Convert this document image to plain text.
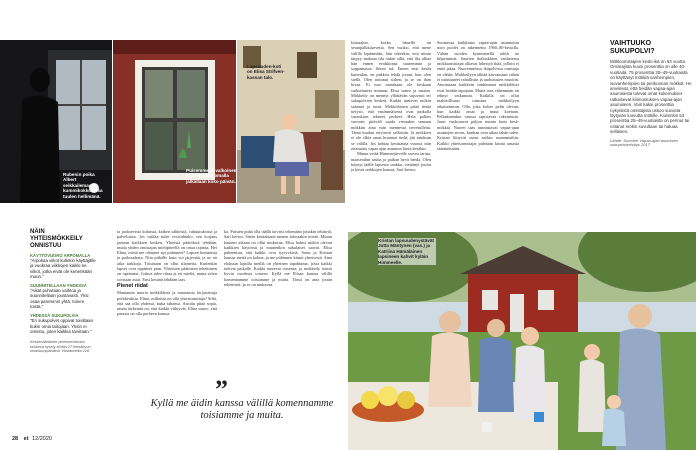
Rubenin poika Albert seikkailemassa kummikokkolassa tuulen hellimänä.
Puisemme ja valkoinen kivi-rapu ilta omalla jalkallaan koko päivän.
Lapsuuden-koti on Elisa Strifven-kassan talo.

loistaakin, koska hänellä on seurapalkkitarvetta. Sen vuoksi, että mene välillä lepäämään, hän tekeekin, että niinin tärpyy makaaa tila onkin sillä, että ilta alkaa hän ennen evokkiinsa suuremmin ja soppamassa. Sitten isä. Ennen ensi kesää kuitenkin, en pakkoa tehdä jotain, kun olen siellä. Olen tottunut siihen, ja se on ihan kivaa. Ei nuo muutkaan ole koskaan vaikuttaneet minuun, Elisa saneo ja nauraa. Mökkeily on mennyt yllättävän sujuvasti eri sukupolvien kesken. Kaikki tuntevat mökin säännöt ja tavat. Mökkiläisten pitää tietää tietysti, että ensimmäisenä ovat paikalla varauksen tehneet perheet. Hela pallais vuoroin, pitäväli saada vieraakin samaan mökkiin aina vain mennessä tervetulleita. Tämä kuuluu eriyisesti sellaisiin. Ja mökkien ei ole olkia omat hommat tiedä, jää niinkuin se välillä. Jos kehtaa kesäsauna vuoroa niin ottamatta vapaa ajan asunnon luota kesäkin.

Minua vetää Himmerjärvelle sarvea tarina, maaseudun rauha ja paikan hyvä henki. Olen käynyt täällä lapsesta saakka, viettänyt joulut ja kesät serkkujen kanssa, Sari kertoo.

Suomessa kaikkiaan vapaa-ajan asunnoista noin puolet on rakennettu 1960–80-luvuilla. Vähän vuoden kymmenellä tuhlii ne hilpeimmät. Suurten ikäluokkien vanhetessa mökkiomistajat alkavat lähestyä ikää, jolloin ei enää jaksa. Nuoremmissa ikäpolvissa omistaja on vähän. Mökkeilyyn tähtää kasvamaan vähän ei tutustuneet rahallisiin ja uudistusten muotiin. Ainoastaan kaikkein vanhimmat mökkiläiset ovat heidän tapojaan. Mutta taas vähemmän on tehnyt vaikutusta. Kaikilla on ollut mahdollisuus tutustua mökkeilyyn aikaisemmin. Olla, joka kokee pelin olevan, kun kaikki omat ja muut koetaan. Pelkäämänkin vastuu rapistavaa rakennusta. Juuri vuokraavat paljon muuta kuin kesä-mökkiä. Nuoret taas tunnustavat vapaa-ajan asuntojen arvon, kunhan vain aikaa tähän tulee. Kristan liittyvät usein mökin sunnuntaihin. Kaikki yhteisomistajat pidetään kiinni omasta säännöistään.

VAIHTUUKO SUKUPOLVI?
Mökkiomistajien keski-ikä on 63 vuotta. Omistajista kuusi prosenttia on alle 40-vuotiaita. 75 prosenttia 25–49-vuotiaista on käyttänyt mökkiä vanhempien, isovanhempien tai perikunnan mökkiä. He arvelevat, että heidän vapaa-ajan asumisesta tulevat omat kokemukset ratkaisevat kiinnostuksen vapaa-ajan asumiseen. Vain kaksi prosenttia nykyisistä omistajista uskoo suvusta löytyvän luovutta mökille. Kuitenkin 53 prosenttia 25–49-vuotiaista on perinut tai ostanut mökin suvultaan tai haluaa sellaisen.
Lähde: Suomen Vapaa-ajan asumisen sukupolviselvitys 2017.
NÄIN YHTEISMÖKKEILY ONNISTUU
KÄYTTÖVUORO ARPOMALLA
"Arpokaa viikot kullekin käyttäjälle ja vuokraa viikkojen kaikki ne viikot, jotka eivät ole kenenkään muun."
SUUNNITELLAAN YHDESSÄ
"Aikat puhutaan vaihtoa ja suunnitellaan joustavasti. Yksi osaa paremmin yhtä, toinen toista."
YHDESSÄ SUKUPOLVIA
"Eri sukupolvet oppivat toisiltaan kukin omia taitojaan. Yksin ei onnistu, joten kaikkia tarvitaan."
Keskimääräinen yhteisomistusta koskeva kysely tehtiin 27 heinäkuun omaisuuspäivänä. Vastanneita 218.

ta juoksevista kuluista, kaiken sähköstä, vakuutuksista ja palveluista. Jos vaikka tulee vesivahinko, sen korjaus jaetaan kaikkien kesken. Yhteisiä päätöksiä tehdään, mutta yhden omistajan mielipiteellä on omat rajansa. Hei Elina, mistä me olemme nyt puhuneet? Lapsen hommista ja poikuudesta. Niin pitkälle kuin voi järjestää, ja ne on aika tarkkoja. Toisinaan on ollut tilanteita. Kuitenkin lapset ovat oppineet pian. Yhteisten päätösten tekeminen on opettanut. Joskus tulee riitaa ja eri mieltä, mutta sitten sovitaan asiat. Ensi kesänä tehdään taas.

Pienet riidat

Muutamia nuoria mökkiläisiä ja muutamia kirjoitettuja poikkeuksia. Elina, millaista on olla yhteisomistaja? Siltä, että saa olla yhdessä, kuka tahansa. Asioita pitää sopia, mutta tärkeintä on, että kaikki viihtyvät. Elina sanoo, että parasta on olla perheen kanssa.

ka. Puisten pitää olla täällä tarvitsi tekemään joitakin tehtäviä, Sari kertoo. Sitten kesäaikana tuonne talossakin toimii. Minun kauteni aikana on ollut mukavaa. Elisa halusi mökin olevan kaikkien käytössä ja muutenkin sukulaiset saavat. Elisa puheentuu, että kaikki ovat tyytyväisiä. Sarin ja Kristan kanssa meitä on kolme, ja me pidämme kiinni yhteisestä. Aina elokuun lopulla meillä on yhteinen tapahtuma, jossa kaikki tulevat paikalle. Kaikki tuntevat toisensa, ja mökkeily toimii hyvin vuodesta toiseen. Kyllä me Elisan kanssa välillä komennamme toisiamme ja muita. Tässä on aina jotain tekemistä, ja se on mukavaa.

”
Kyllä me äidin kanssa välillä komennamme toisiamme ja muita.
28 et 12/2020
Kristan lapsuudenystävät Jutta Mäntynen (vas.) ja Katriina Hämäläinen lapsineen kahvit kyläin Himmeelle.
